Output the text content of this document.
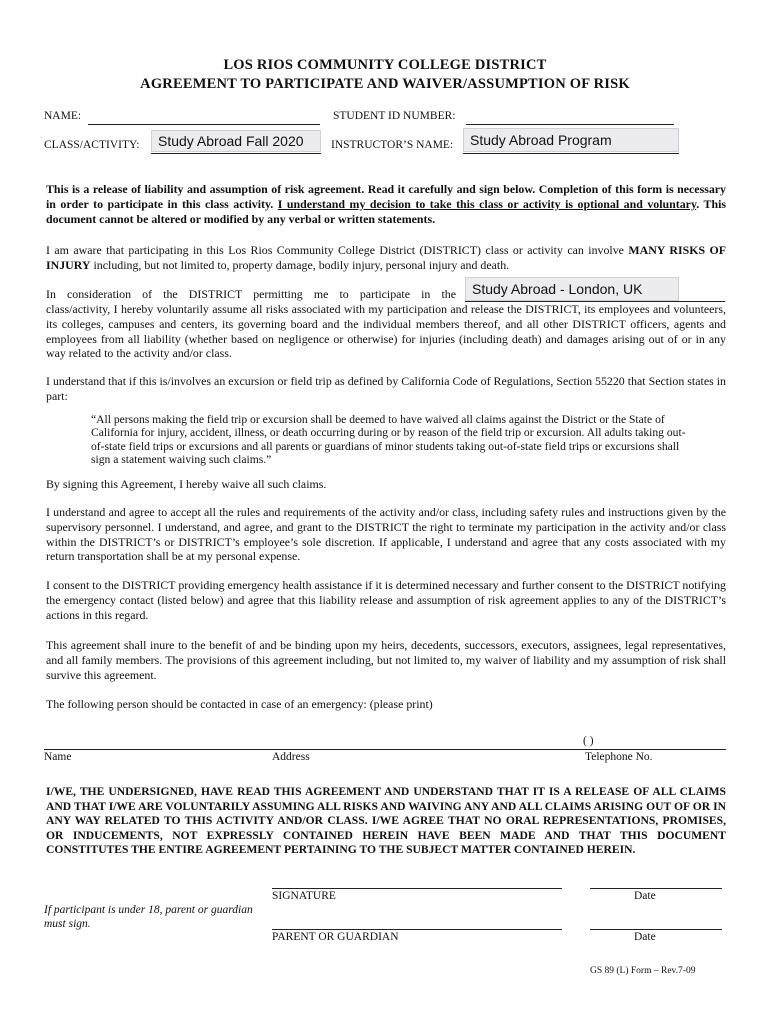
LOS RIOS COMMUNITY COLLEGE DISTRICT
AGREEMENT TO PARTICIPATE AND WAIVER/ASSUMPTION OF RISK
NAME:	STUDENT ID NUMBER:
CLASS/ACTIVITY:	Study Abroad Fall 2020	INSTRUCTOR’S NAME:	Study Abroad Program

This is a release of liability and assumption of risk agreement. Read it carefully and sign below. Completion of this form is necessary in order to participate in this class activity. I understand my decision to take this class or activity is optional and voluntary. This document cannot be altered or modified by any verbal or written statements.

I am aware that participating in this Los Rios Community College District (DISTRICT) class or activity can involve MANY RISKS OF INJURY including, but not limited to, property damage, bodily injury, personal injury and death.

In consideration of the DISTRICT permitting me to participate in the	Study Abroad - London, UK

class/activity, I hereby voluntarily assume all risks associated with my participation and release the DISTRICT, its employees and volunteers, its colleges, campuses and centers, its governing board and the individual members thereof, and all other DISTRICT officers, agents and employees from all liability (whether based on negligence or otherwise) for injuries (including death) and damages arising out of or in any way related to the activity and/or class.

I understand that if this is/involves an excursion or field trip as defined by California Code of Regulations, Section 55220 that Section states in part:

“All persons making the field trip or excursion shall be deemed to have waived all claims against the District or the State of California for injury, accident, illness, or death occurring during or by reason of the field trip or excursion. All adults taking out-of-state field trips or excursions and all parents or guardians of minor students taking out-of-state field trips or excursions shall sign a statement waiving such claims.”

By signing this Agreement, I hereby waive all such claims.

I understand and agree to accept all the rules and requirements of the activity and/or class, including safety rules and instructions given by the supervisory personnel. I understand, and agree, and grant to the DISTRICT the right to terminate my participation in the activity and/or class within the DISTRICT’s or DISTRICT’s employee’s sole discretion. If applicable, I understand and agree that any costs associated with my return transportation shall be at my personal expense.

I consent to the DISTRICT providing emergency health assistance if it is determined necessary and further consent to the DISTRICT notifying the emergency contact (listed below) and agree that this liability release and assumption of risk agreement applies to any of the DISTRICT’s actions in this regard.

This agreement shall inure to the benefit of and be binding upon my heirs, decedents, successors, executors, assignees, legal representatives, and all family members. The provisions of this agreement including, but not limited to, my waiver of liability and my assumption of risk shall survive this agreement.

The following person should be contacted in case of an emergency: (please print)

( )
Name	Address	Telephone No.

I/WE, THE UNDERSIGNED, HAVE READ THIS AGREEMENT AND UNDERSTAND THAT IT IS A RELEASE OF ALL CLAIMS AND THAT I/WE ARE VOLUNTARILY ASSUMING ALL RISKS AND WAIVING ANY AND ALL CLAIMS ARISING OUT OF OR IN ANY WAY RELATED TO THIS ACTIVITY AND/OR CLASS. I/WE AGREE THAT NO ORAL REPRESENTATIONS, PROMISES, OR INDUCEMENTS, NOT EXPRESSLY CONTAINED HEREIN HAVE BEEN MADE AND THAT THIS DOCUMENT CONSTITUTES THE ENTIRE AGREEMENT PERTAINING TO THE SUBJECT MATTER CONTAINED HEREIN.

SIGNATURE	Date
If participant is under 18, parent or guardian must sign.
PARENT OR GUARDIAN	Date
GS 89 (L) Form – Rev.7-09
